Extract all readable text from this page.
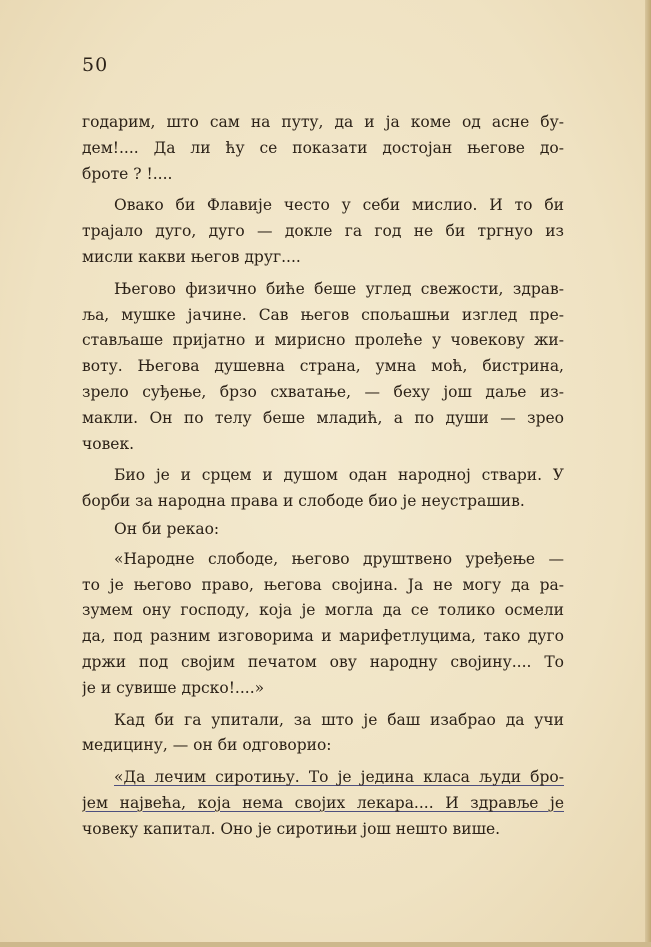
50
годарим, што сам на путу, да и ја коме од асне бу-
дем!.... Да ли ћу се показати достојан његове до-
броте ? !....
Овако би Флавије често у себи мислио. И то би
трајало дуго, дуго — докле га год не би тргнуо из
мисли какви његов друг....
Његово физично биће беше углед свежости, здрав-
ља, мушке јачине. Сав његов спољашњи изглед пре-
стављаше пријатно и мирисно пролеће у човекову жи-
воту. Његова душевна страна, умна моћ, бистрина,
зрело суђење, брзо схватање, — беху још даље из-
макли. Он по телу беше младић, а по души — зрео
човек.
Био је и срцем и душом одан народној ствари. У
борби за народна права и слободе био је неустрашив.
Он би рекао:
«Народне слободе, његово друштвено уређење —
то је његово право, његова својина. Ја не могу да ра-
зумем ону господу, која је могла да се толико осмели
да, под разним изговорима и марифетлуцима, тако дуго
држи под својим печатом ову народну својину.... То
је и сувише дрско!....»
Кад би га упитали, за што је баш изабрао да учи
медицину, — он би одговорио:
«Да лечим сиротињу. То је једина класа људи бро-
јем највећа, која нема својих лекара.... И здравље је
човеку капитал. Оно је сиротињи још нешто више.
